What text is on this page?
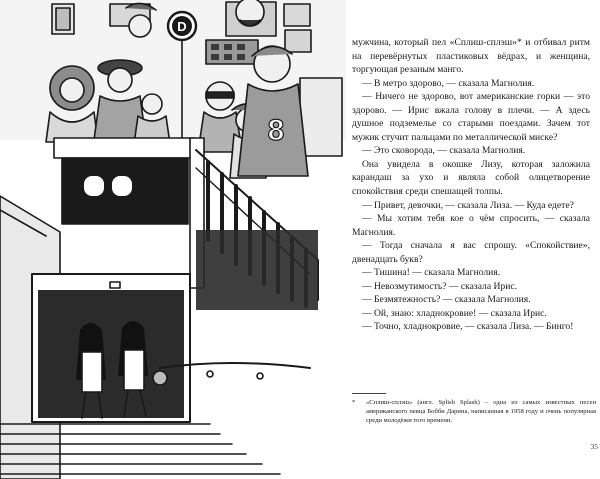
D
8

мужчина, который пел «Сплиш-сплэш»* и отбивал ритм на перевёрнутых пластиковых вёдрах, и женщина, торгующая резаным манго.

— В метро здорово, — сказала Магнолия.

— Ничего не здорово, вот американские горки — это здорово. — Ирис вжала голову в плечи. — А здесь душное подземелье со старыми поездами. Зачем тот мужик стучит пальцами по металлической миске?

— Это сковорода, — сказала Магнолия.

Она увидела в окошке Лизу, которая заложила карандаш за ухо и являла собой олицетворение спокойствия среди спешащей толпы.

— Привет, девочки, — сказала Лиза. — Куда едете?

— Мы хотим тебя кое о чём спросить, — сказала Магнолия.

— Тогда сначала я вас спрошу. «Спокойствие», двенадцать букв?

— Тишина! — сказала Магнолия.

— Невозмутимость? — сказала Ирис.

— Безмятежность? — сказала Магнолия.

— Ой, знаю: хладнокровие! — сказала Ирис.

— Точно, хладнокровие, — сказала Лиза. — Бинго!

*	«Сплиш-сплэш» (англ. Splish Splash) – одна из самых известных песен американского певца Бобби Дарина, написанная в 1958 году и очень популярная среди молодёжи того времени.
35
